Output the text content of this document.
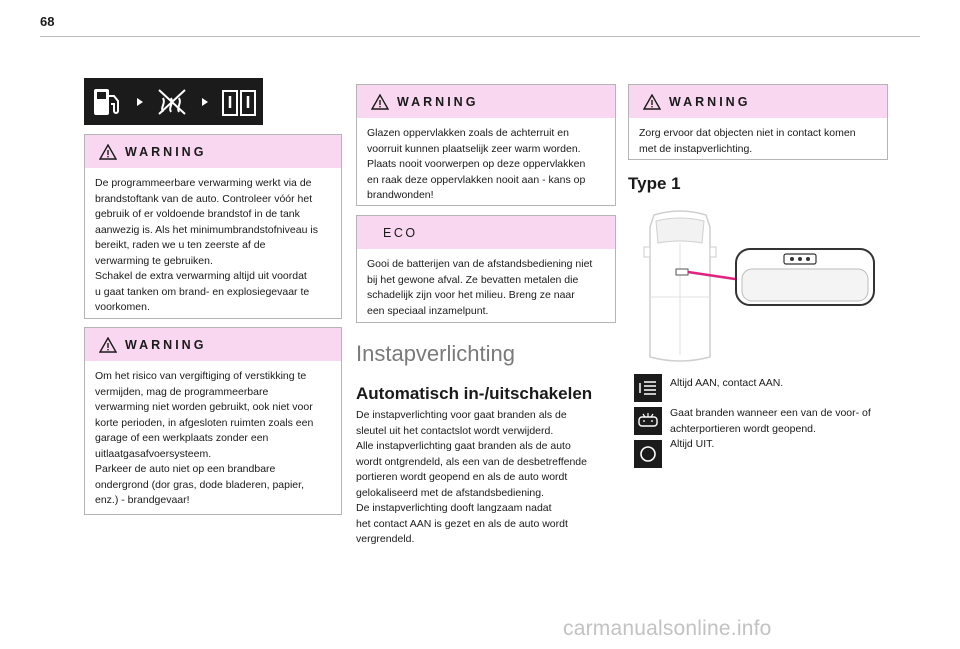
68
WARNING

De programmeerbare verwarming werkt via de

brandstoftank van de auto. Controleer vóór het

gebruik of er voldoende brandstof in de tank

aanwezig is. Als het minimumbrandstofniveau is

bereikt, raden we u ten zeerste af de

verwarming te gebruiken.

Schakel de extra verwarming altijd uit voordat

u gaat tanken om brand- en explosiegevaar te

voorkomen.

WARNING

Om het risico van vergiftiging of verstikking te

vermijden, mag de programmeerbare

verwarming niet worden gebruikt, ook niet voor

korte perioden, in afgesloten ruimten zoals een

garage of een werkplaats zonder een

uitlaatgasafvoersysteem.

Parkeer de auto niet op een brandbare

ondergrond (dor gras, dode bladeren, papier,

enz.) - brandgevaar!

WARNING

Glazen oppervlakken zoals de achterruit en

voorruit kunnen plaatselijk zeer warm worden.

Plaats nooit voorwerpen op deze oppervlakken

en raak deze oppervlakken nooit aan - kans op

brandwonden!

ECO

Gooi de batterijen van de afstandsbediening niet

bij het gewone afval. Ze bevatten metalen die

schadelijk zijn voor het milieu. Breng ze naar

een speciaal inzamelpunt.

Instapverlichting
Automatisch in-/uitschakelen

De instapverlichting voor gaat branden als de

sleutel uit het contactslot wordt verwijderd.

Alle instapverlichting gaat branden als de auto

wordt ontgrendeld, als een van de desbetreffende

portieren wordt geopend en als de auto wordt

gelokaliseerd met de afstandsbediening.

De instapverlichting dooft langzaam nadat

het contact AAN is gezet en als de auto wordt

vergrendeld.

WARNING

Zorg ervoor dat objecten niet in contact komen

met de instapverlichting.

Type 1
Altijd AAN, contact AAN.
Gaat branden wanneer een van de voor- of
achterportieren wordt geopend.
Altijd UIT.
carmanualsonline.info
